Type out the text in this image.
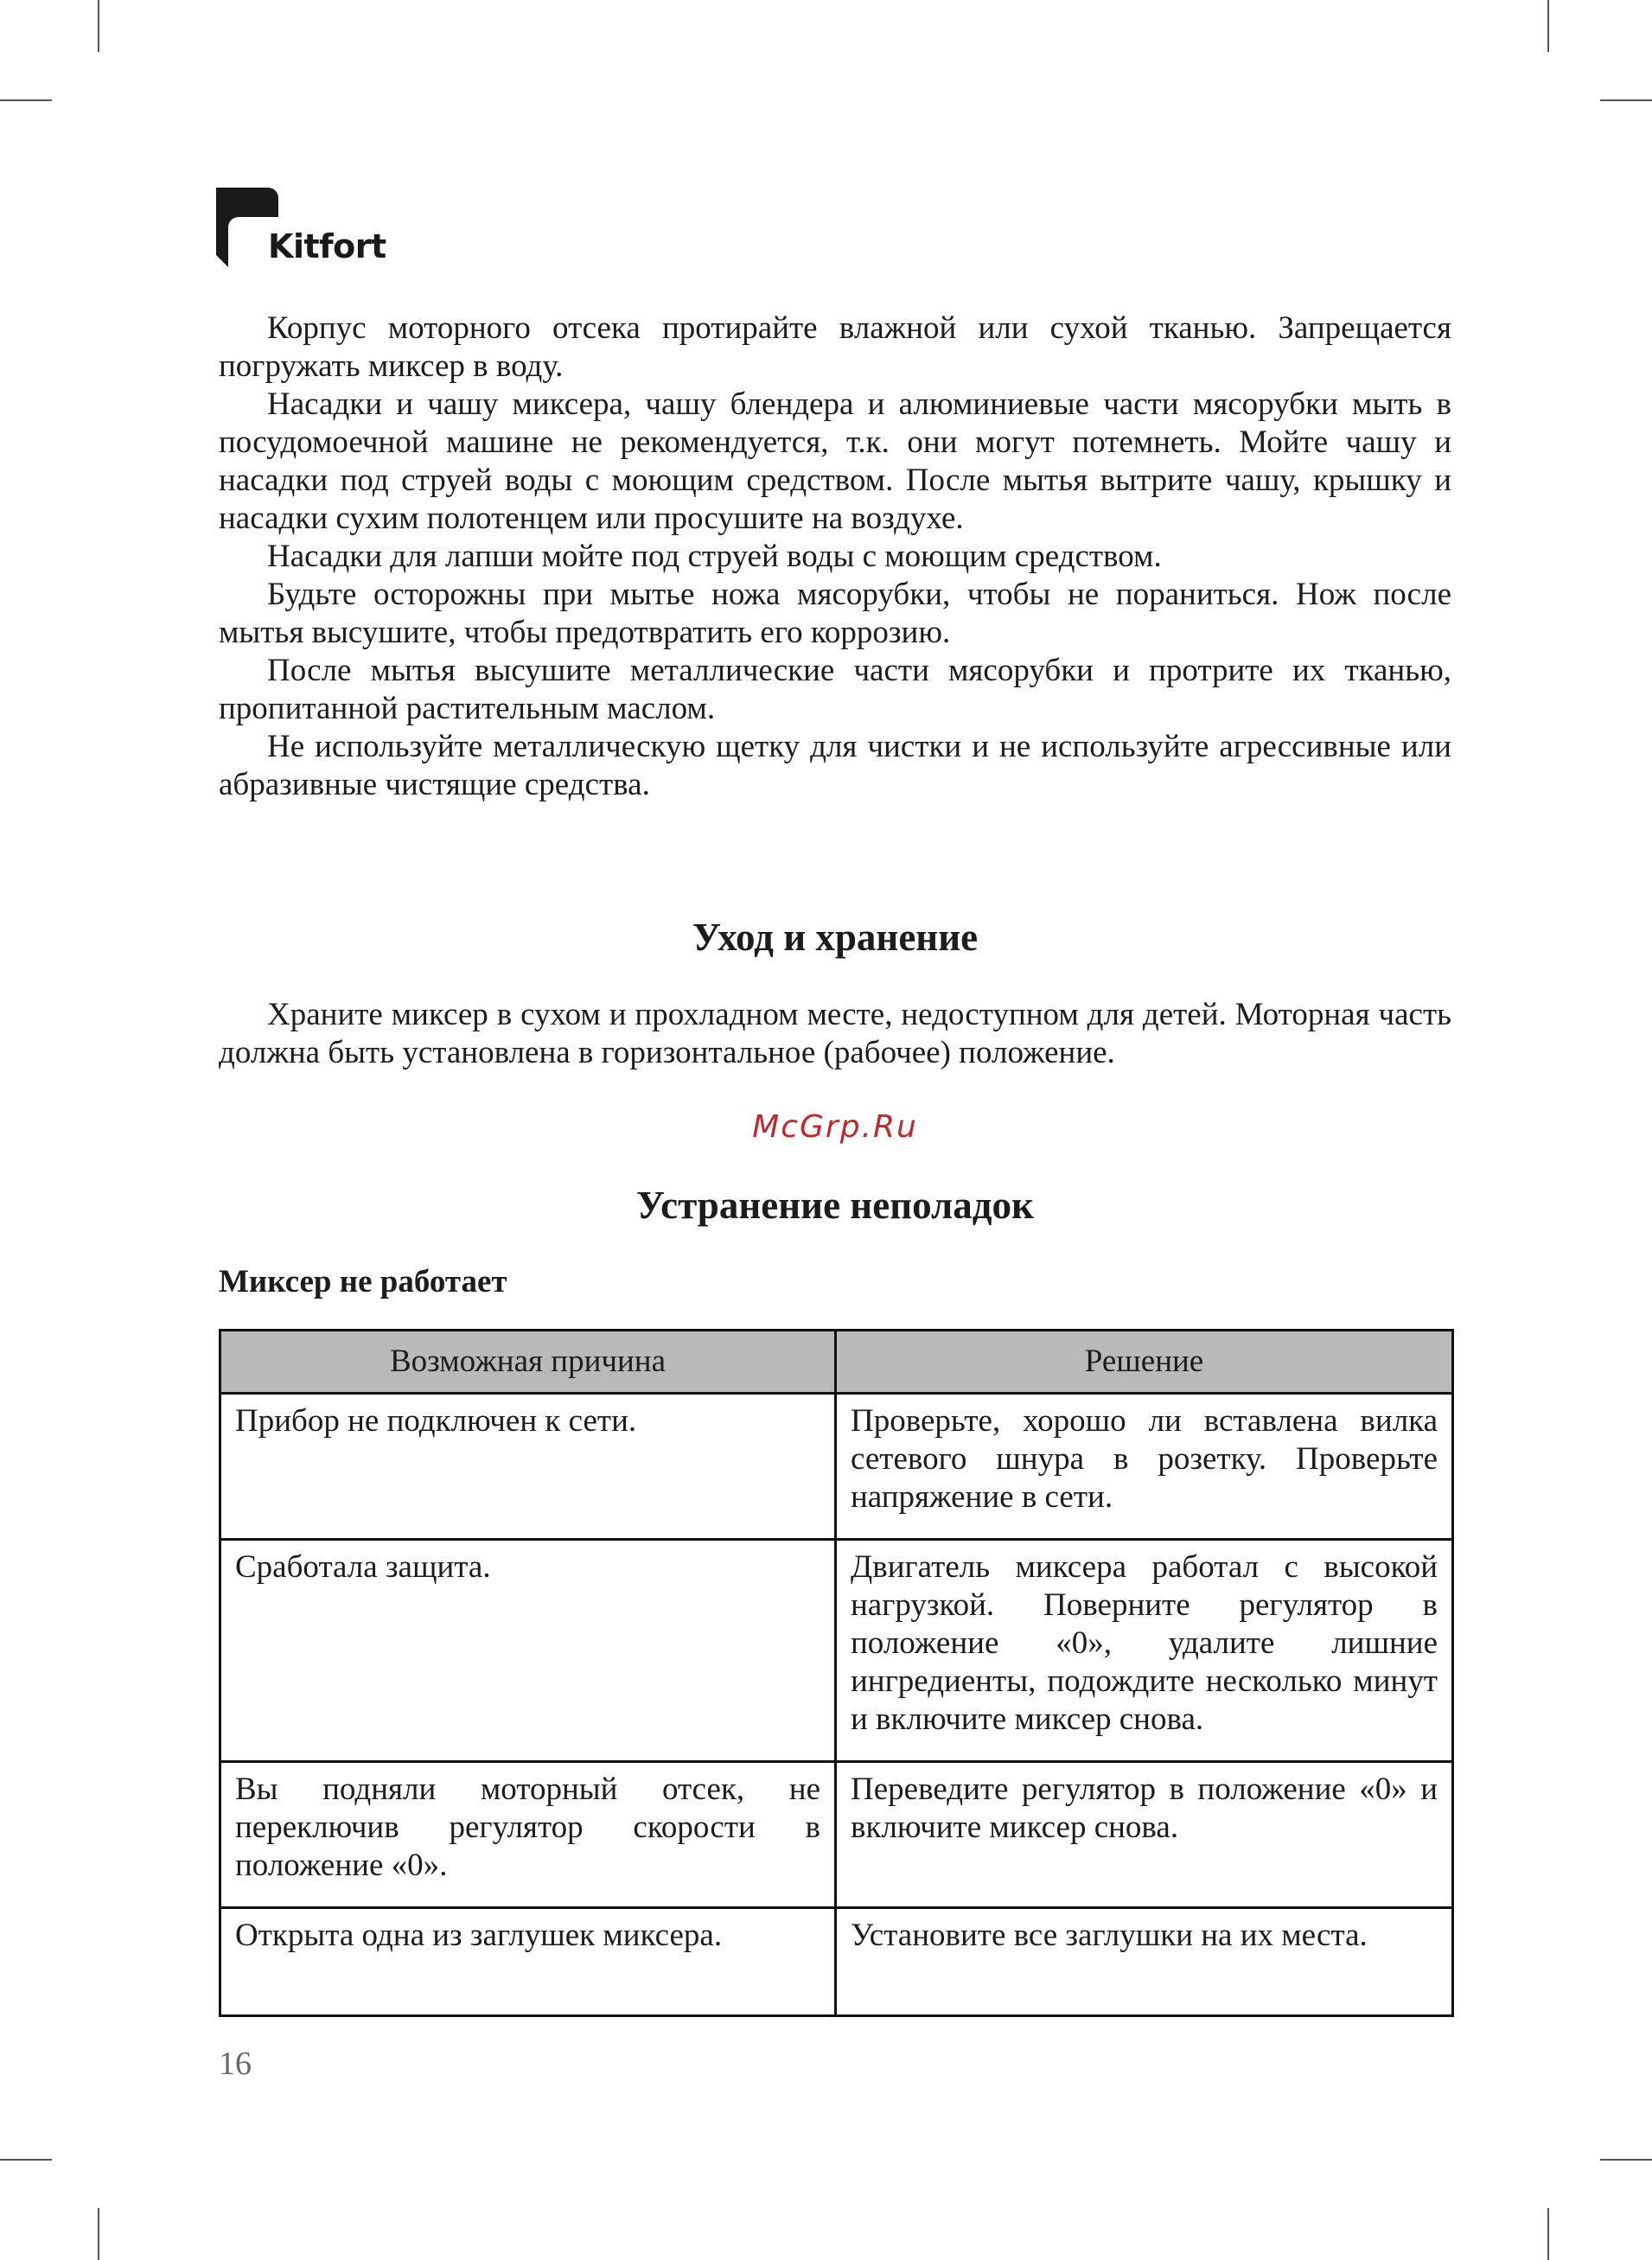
Kitfort

Корпус моторного отсека протирайте влажной или сухой тканью. Запрещается погружать миксер в воду.

Насадки и чашу миксера, чашу блендера и алюминиевые части мясорубки мыть в посудомоечной машине не рекомендуется, т.к. они могут потемнеть. Мойте чашу и насадки под струей воды с моющим средством. После мытья вытрите чашу, крышку и насадки сухим полотенцем или просушите на воздухе.

Насадки для лапши мойте под струей воды с моющим средством.

Будьте осторожны при мытье ножа мясорубки, чтобы не пораниться. Нож после мытья высушите, чтобы предотвратить его коррозию.

После мытья высушите металлические части мясорубки и протрите их тканью, пропитанной растительным маслом.

Не используйте металлическую щетку для чистки и не используйте агрессивные или абразивные чистящие средства.

Уход и хранение

Храните миксер в сухом и прохладном месте, недоступном для детей. Моторная часть должна быть установлена в горизонтальное (рабочее) положение.

McGrp.Ru
Устранение неполадок
Миксер не работает
Возможная причина	Решение
Прибор не подключен к сети.	Проверьте, хорошо ли вставлена вилка сетевого шнура в розетку. Проверьте напряжение в сети.
Сработала защита.	Двигатель миксера работал с высокой нагрузкой. Поверните регулятор в положение «0», удалите лишние ингредиенты, подождите несколько минут и включите миксер снова.
Вы подняли моторный отсек, не переключив регулятор скорости в положение «0».	Переведите регулятор в положение «0» и включите миксер снова.
Открыта одна из заглушек миксера.	Установите все заглушки на их места.
16
